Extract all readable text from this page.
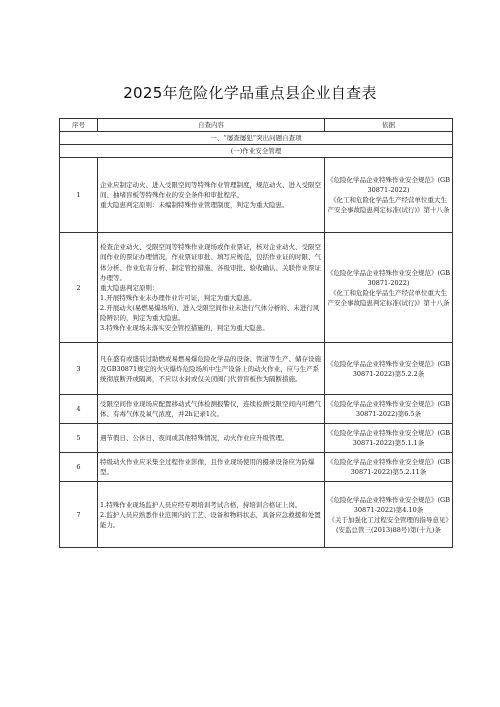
2025年危险化学品重点县企业自查表
序号	自查内容	依据
一、“屡查屡犯”突出问题自查项		
(一)作业安全管理		
1	企业应制定动火、进入受限空间等特殊作业管理制度，规范动火、进入受限空间、抽堵盲板等特殊作业的安全条件和审批程序。
重大隐患判定原则：未编制特殊作业管理制度，判定为重大隐患。	《危险化学品企业特殊作业安全规范》(GB30871-2022)
《化工和危险化学品生产经营单位重大生产安全事故隐患判定标准(试行)》第十八条

2	检查企业动火、受限空间等特殊作业现场或作业票证，核对企业动火、受限空间作业的票证办理情况，作业票证审批、填写应规范，包括作业证的时限、气体分析、作业危害分析、制定管控措施、各级审批、验收确认、关联作业票证办理等。
重大隐患判定原则：
1.开展特殊作业未办理作业许可证，判定为重大隐患。
2.开展动火(易燃易爆场所)、进入受限空间作业未进行气体分析的、未进行风险辨识的，判定为重大隐患。
3.特殊作业现场未落实安全管控措施的，判定为重大隐患。	《危险化学品企业特殊作业安全规范》(GB30871-2022)
《化工和危险化学品生产经营单位重大生产安全事故隐患判定标准(试行)》第十八条

3	凡在盛有或盛装过助燃或易燃易爆危险化学品的设备、管道等生产、储存设施及GB30871规定的火灾爆炸危险场所中生产设备上的动火作业，应与生产系统彻底断开或隔离，不应以水封或仅关闭阀门代替盲板作为隔断措施。	《危险化学品企业特殊作业安全规范》(GB30871-2022)第5.2.2条

4	受限空间作业现场应配置移动式气体检测报警仪，连续检测受限空间内可燃气体、有毒气体及氧气浓度，并2h记录1次。	《危险化学品企业特殊作业安全规范》(GB30871-2022)第6.5条

5	遇节假日、公休日、夜间或其他特殊情况，动火作业应升级管理。	《危险化学品企业特殊作业安全规范》(GB30871-2022)第5.1.1条

6	特级动火作业应采集全过程作业影像，且作业现场使用的摄录设备应为防爆型。	《危险化学品企业特殊作业安全规范》(GB30871-2022)第5.2.11条

7	1.特殊作业现场监护人员应经专项培训考试合格，持培训合格证上岗。
2.监护人员应熟悉作业范围内的工艺、设备和物料状态，具备应急救援和处置能力。	《危险化学品企业特殊作业安全规范》(GB30871-2022)第4.10条
《关于加强化工过程安全管理的指导意见》(安监总管三(2013)88号)第(十九)条
